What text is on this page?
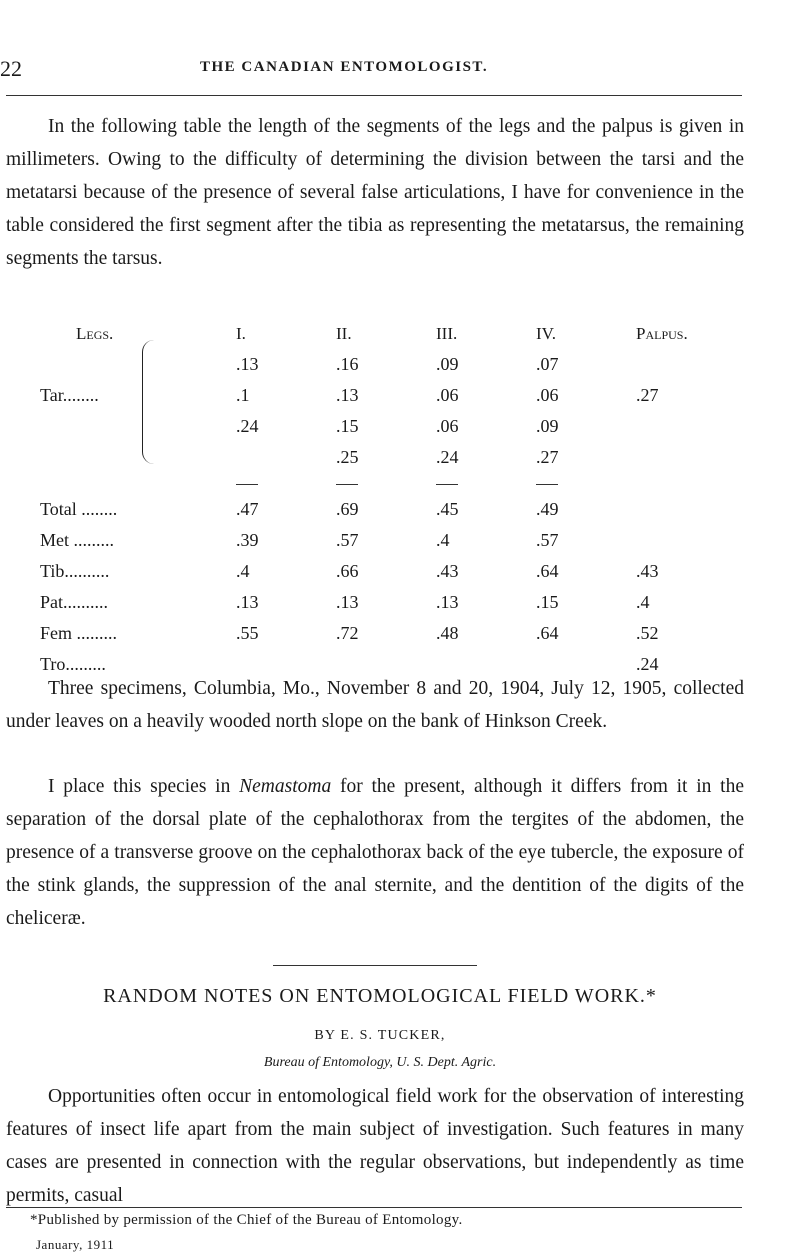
22	THE CANADIAN ENTOMOLOGIST.

In the following table the length of the segments of the legs and the palpus is given in millimeters. Owing to the difficulty of determining the division between the tarsi and the metatarsi because of the presence of several false articulations, I have for convenience in the table considered the first segment after the tibia as representing the metatarsus, the remaining segments the tarsus.

Legs.	I.	II.	III.	IV.	Palpus.
	.13	.16	.09	.07	
Tar........	.1	.13	.06	.06	.27
	.24	.15	.06	.09	
		.25	.24	.27	

Total ........	.47	.69	.45	.49	
Met .........	.39	.57	.4	.57	
Tib..........	.4	.66	.43	.64	.43
Pat..........	.13	.13	.13	.15	.4
Fem .........	.55	.72	.48	.64	.52
Tro.........					.24

Three specimens, Columbia, Mo., November 8 and 20, 1904, July 12, 1905, collected under leaves on a heavily wooded north slope on the bank of Hinkson Creek.

I place this species in Nemastoma for the present, although it differs from it in the separation of the dorsal plate of the cephalothorax from the tergites of the abdomen, the presence of a transverse groove on the cephalothorax back of the eye tubercle, the exposure of the stink glands, the suppression of the anal sternite, and the dentition of the digits of the cheliceræ.

RANDOM NOTES ON ENTOMOLOGICAL FIELD WORK.*
BY E. S. TUCKER,
Bureau of Entomology, U. S. Dept. Agric.

Opportunities often occur in entomological field work for the observation of interesting features of insect life apart from the main subject of investigation. Such features in many cases are presented in connection with the regular observations, but independently as time permits, casual

*Published by permission of the Chief of the Bureau of Entomology.
January, 1911
